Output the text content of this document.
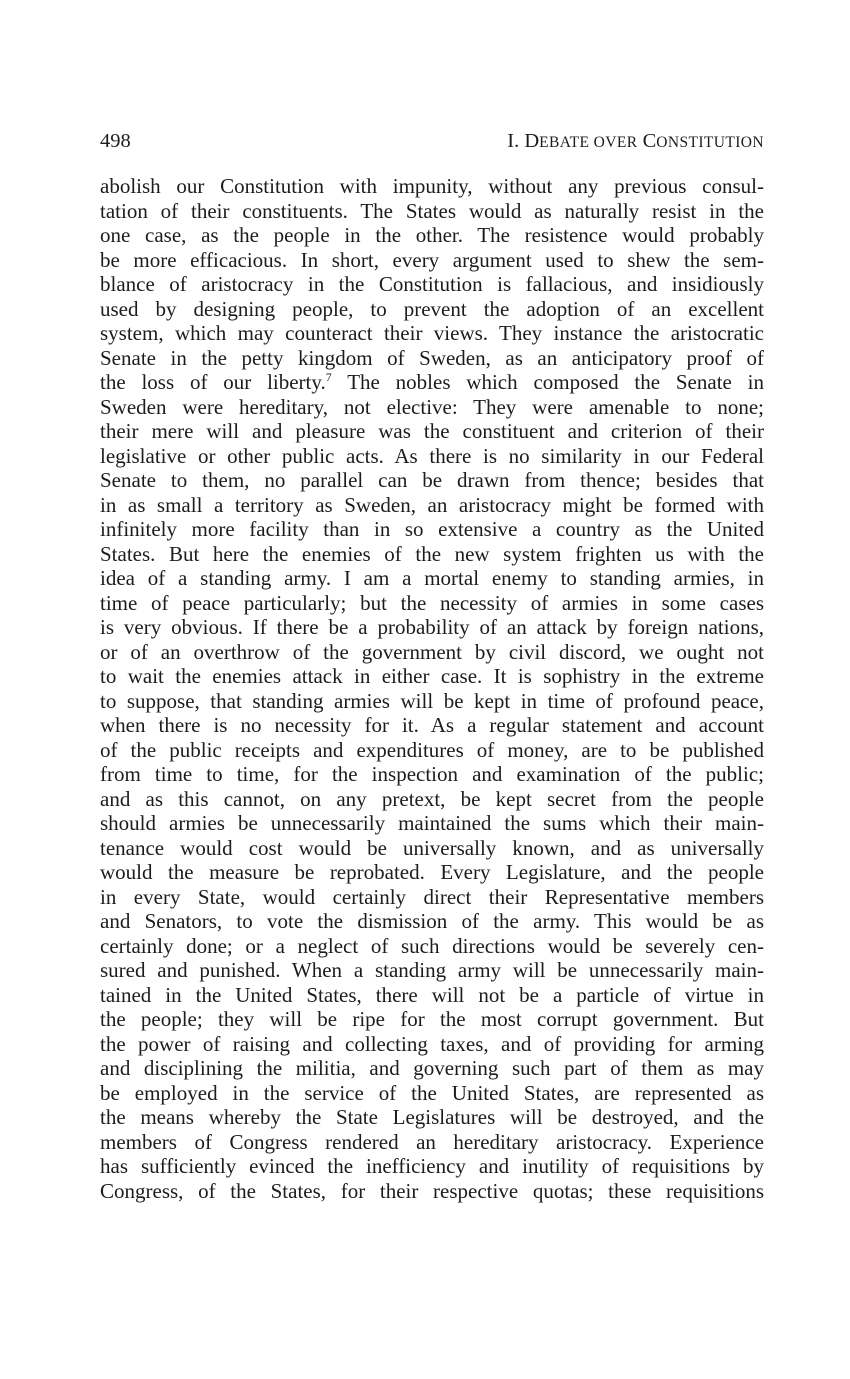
498	I. DEBATE OVER CONSTITUTION
abolish our Constitution with impunity, without any previous consul-
tation of their constituents. The States would as naturally resist in the
one case, as the people in the other. The resistence would probably
be more efficacious. In short, every argument used to shew the sem-
blance of aristocracy in the Constitution is fallacious, and insidiously
used by designing people, to prevent the adoption of an excellent
system, which may counteract their views. They instance the aristocratic
Senate in the petty kingdom of Sweden, as an anticipatory proof of
the loss of our liberty.$^7$ The nobles which composed the Senate in
Sweden were hereditary, not elective: They were amenable to none;
their mere will and pleasure was the constituent and criterion of their
legislative or other public acts. As there is no similarity in our Federal
Senate to them, no parallel can be drawn from thence; besides that
in as small a territory as Sweden, an aristocracy might be formed with
infinitely more facility than in so extensive a country as the United
States. But here the enemies of the new system frighten us with the
idea of a standing army. I am a mortal enemy to standing armies, in
time of peace particularly; but the necessity of armies in some cases
is very obvious. If there be a probability of an attack by foreign nations,
or of an overthrow of the government by civil discord, we ought not
to wait the enemies attack in either case. It is sophistry in the extreme
to suppose, that standing armies will be kept in time of profound peace,
when there is no necessity for it. As a regular statement and account
of the public receipts and expenditures of money, are to be published
from time to time, for the inspection and examination of the public;
and as this cannot, on any pretext, be kept secret from the people
should armies be unnecessarily maintained the sums which their main-
tenance would cost would be universally known, and as universally
would the measure be reprobated. Every Legislature, and the people
in every State, would certainly direct their Representative members
and Senators, to vote the dismission of the army. This would be as
certainly done; or a neglect of such directions would be severely cen-
sured and punished. When a standing army will be unnecessarily main-
tained in the United States, there will not be a particle of virtue in
the people; they will be ripe for the most corrupt government. But
the power of raising and collecting taxes, and of providing for arming
and disciplining the militia, and governing such part of them as may
be employed in the service of the United States, are represented as
the means whereby the State Legislatures will be destroyed, and the
members of Congress rendered an hereditary aristocracy. Experience
has sufficiently evinced the inefficiency and inutility of requisitions by
Congress, of the States, for their respective quotas; these requisitions
